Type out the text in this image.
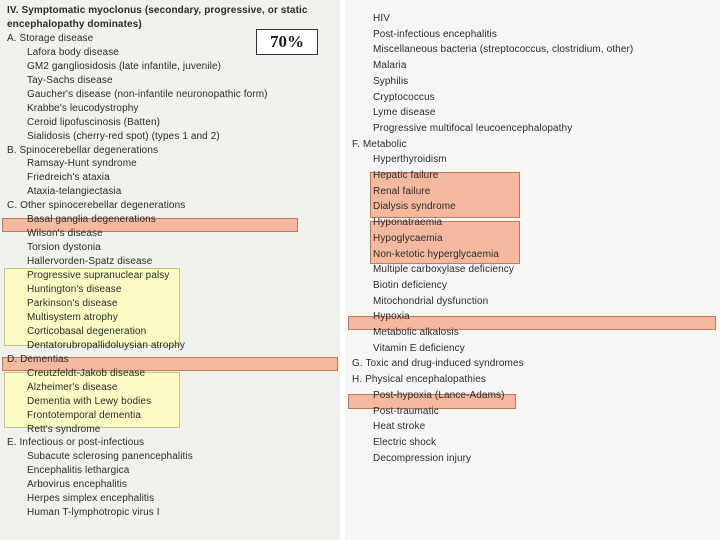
IV. Symptomatic myoclonus (secondary, progressive, or static
encephalopathy dominates)
A. Storage disease
Lafora body disease
GM2 gangliosidosis (late infantile, juvenile)
Tay-Sachs disease
Gaucher's disease (non-infantile neuronopathic form)
Krabbe's leucodystrophy
Ceroid lipofuscinosis (Batten)
Sialidosis (cherry-red spot) (types 1 and 2)
B. Spinocerebellar degenerations
Ramsay-Hunt syndrome
Friedreich's ataxia
Ataxia-telangiectasia
C. Other spinocerebellar degenerations
Basal ganglia degenerations
Wilson's disease
Torsion dystonia
Hallervorden-Spatz disease
Progressive supranuclear palsy
Huntington's disease
Parkinson's disease
Multisystem atrophy
Corticobasal degeneration
Dentatorubropallidoluysian atrophy
D. Dementias
Creutzfeldt-Jakob disease
Alzheimer's disease
Dementia with Lewy bodies
Frontotemporal dementia
Rett's syndrome
E. Infectious or post-infectious
Subacute sclerosing panencephalitis
Encephalitis lethargica
Arbovirus encephalitis
Herpes simplex encephalitis
Human T-lymphotropic virus I
HIV
Post-infectious encephalitis
Miscellaneous bacteria (streptococcus, clostridium, other)
Malaria
Syphilis
Cryptococcus
Lyme disease
Progressive multifocal leucoencephalopathy
F. Metabolic
Hyperthyroidism
Hepatic failure
Renal failure
Dialysis syndrome
Hyponatraemia
Hypoglycaemia
Non-ketotic hyperglycaemia
Multiple carboxylase deficiency
Biotin deficiency
Mitochondrial dysfunction
Hypoxia
Metabolic alkalosis
Vitamin E deficiency
G. Toxic and drug-induced syndromes
H. Physical encephalopathies
Post-hypoxia (Lance-Adams)
Post-traumatic
Heat stroke
Electric shock
Decompression injury
70%
